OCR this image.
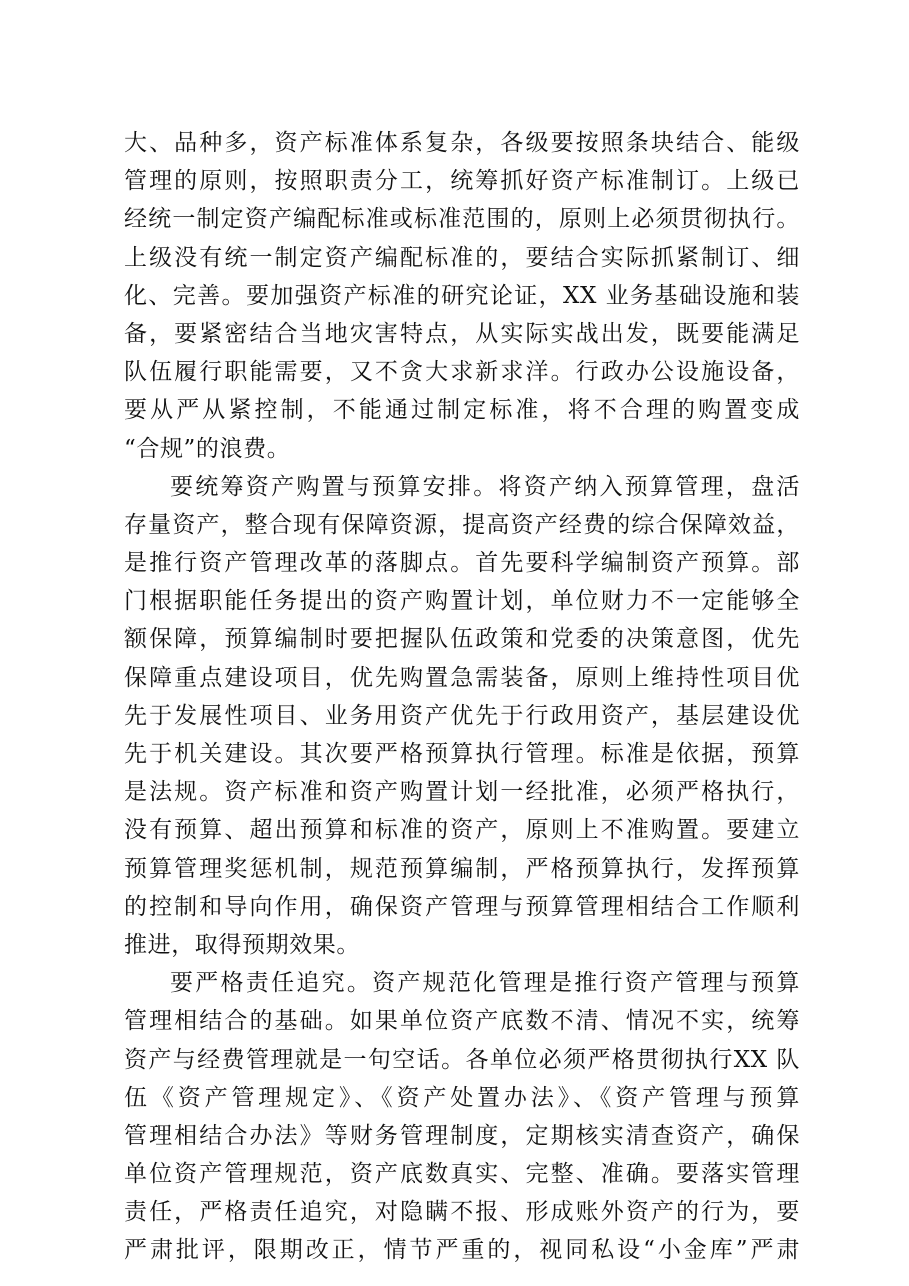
大、品种多，资产标准体系复杂，各级要按照条块结合、能级
管理的原则，按照职责分工，统筹抓好资产标准制订。上级已
经统一制定资产编配标准或标准范围的，原则上必须贯彻执行。
上级没有统一制定资产编配标准的，要结合实际抓紧制订、细
化、完善。要加强资产标准的研究论证，XX 业务基础设施和装
备，要紧密结合当地灾害特点，从实际实战出发，既要能满足
队伍履行职能需要，又不贪大求新求洋。行政办公设施设备，
要从严从紧控制，不能通过制定标准，将不合理的购置变成
“合规”的浪费。
要统筹资产购置与预算安排。将资产纳入预算管理，盘活
存量资产，整合现有保障资源，提高资产经费的综合保障效益，
是推行资产管理改革的落脚点。首先要科学编制资产预算。部
门根据职能任务提出的资产购置计划，单位财力不一定能够全
额保障，预算编制时要把握队伍政策和党委的决策意图，优先
保障重点建设项目，优先购置急需装备，原则上维持性项目优
先于发展性项目、业务用资产优先于行政用资产，基层建设优
先于机关建设。其次要严格预算执行管理。标准是依据，预算
是法规。资产标准和资产购置计划一经批准，必须严格执行，
没有预算、超出预算和标准的资产，原则上不准购置。要建立
预算管理奖惩机制，规范预算编制，严格预算执行，发挥预算
的控制和导向作用，确保资产管理与预算管理相结合工作顺利
推进，取得预期效果。
要严格责任追究。资产规范化管理是推行资产管理与预算
管理相结合的基础。如果单位资产底数不清、情况不实，统筹
资产与经费管理就是一句空话。各单位必须严格贯彻执行XX 队
伍《资产管理规定》、《资产处置办法》、《资产管理与预算
管理相结合办法》等财务管理制度，定期核实清查资产，确保
单位资产管理规范，资产底数真实、完整、准确。要落实管理
责任，严格责任追究，对隐瞒不报、形成账外资产的行为，要
严肃批评，限期改正，情节严重的，视同私设“小金库”严肃
